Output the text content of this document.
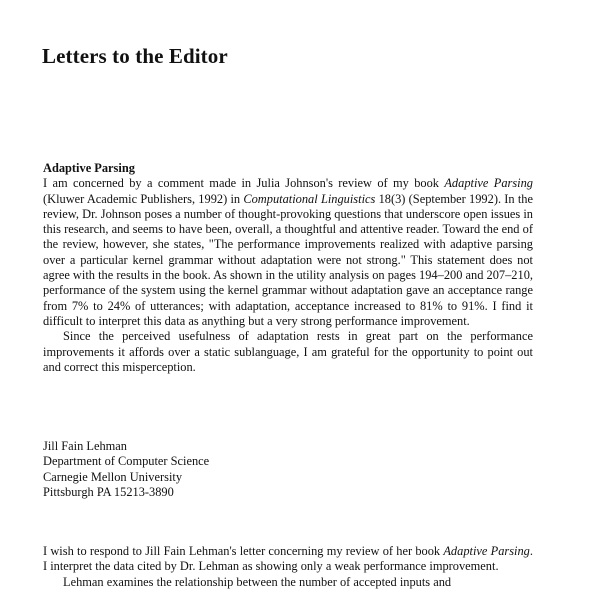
Letters to the Editor
Adaptive Parsing

I am concerned by a comment made in Julia Johnson's review of my book Adaptive Parsing (Kluwer Academic Publishers, 1992) in Computational Linguistics 18(3) (September 1992). In the review, Dr. Johnson poses a number of thought-provoking questions that underscore open issues in this research, and seems to have been, overall, a thoughtful and attentive reader. Toward the end of the review, however, she states, "The performance improvements realized with adaptive parsing over a particular kernel grammar without adaptation were not strong." This statement does not agree with the results in the book. As shown in the utility analysis on pages 194–200 and 207–210, performance of the system using the kernel grammar without adaptation gave an acceptance range from 7% to 24% of utterances; with adaptation, acceptance increased to 81% to 91%. I find it difficult to interpret this data as anything but a very strong performance improvement.

Since the perceived usefulness of adaptation rests in great part on the performance improvements it affords over a static sublanguage, I am grateful for the opportunity to point out and correct this misperception.

Jill Fain Lehman

Department of Computer Science

Carnegie Mellon University

Pittsburgh PA 15213-3890

I wish to respond to Jill Fain Lehman's letter concerning my review of her book Adaptive Parsing. I interpret the data cited by Dr. Lehman as showing only a weak performance improvement.

Lehman examines the relationship between the number of accepted inputs and
